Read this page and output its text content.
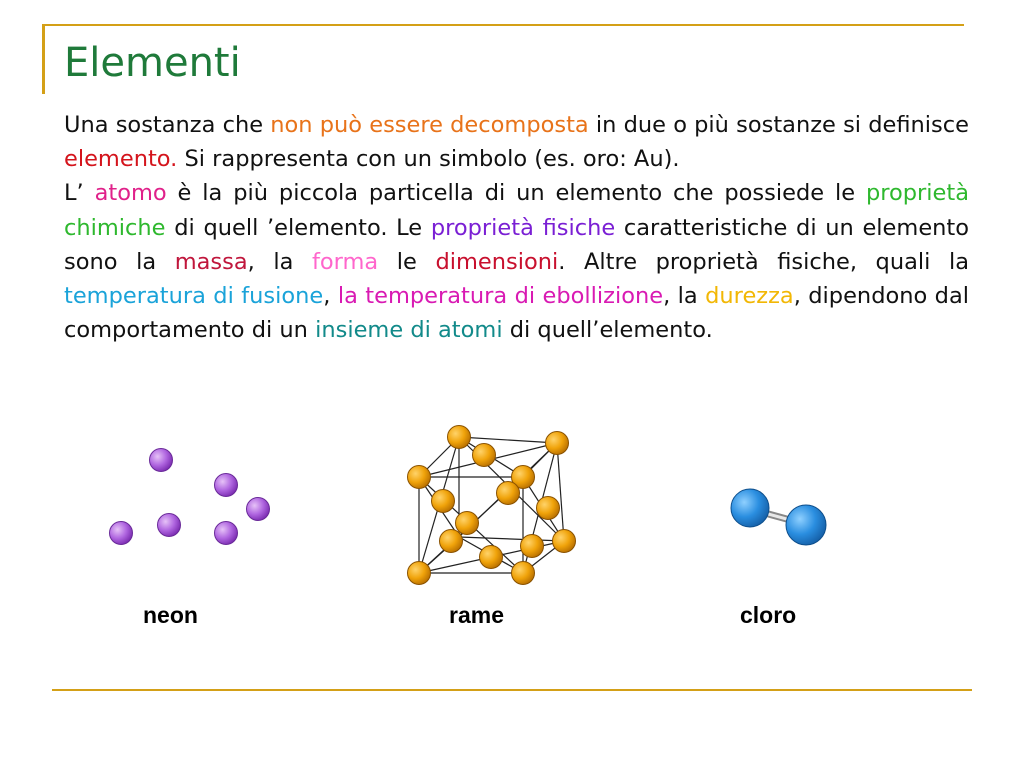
Elementi

Una sostanza che non può essere decomposta in due o più sostanze si definisce elemento. Si rappresenta con un simbolo (es. oro: Au).

L’ atomo è la più piccola particella di un elemento che possiede le proprietà chimiche di quell ’elemento. Le proprietà fisiche caratteristiche di un elemento sono la massa, la forma le dimensioni. Altre proprietà fisiche, quali la temperatura di fusione, la temperatura di ebollizione, la durezza, dipendono dal comportamento di un insieme di atomi di quell’elemento.

neon	rame	cloro
